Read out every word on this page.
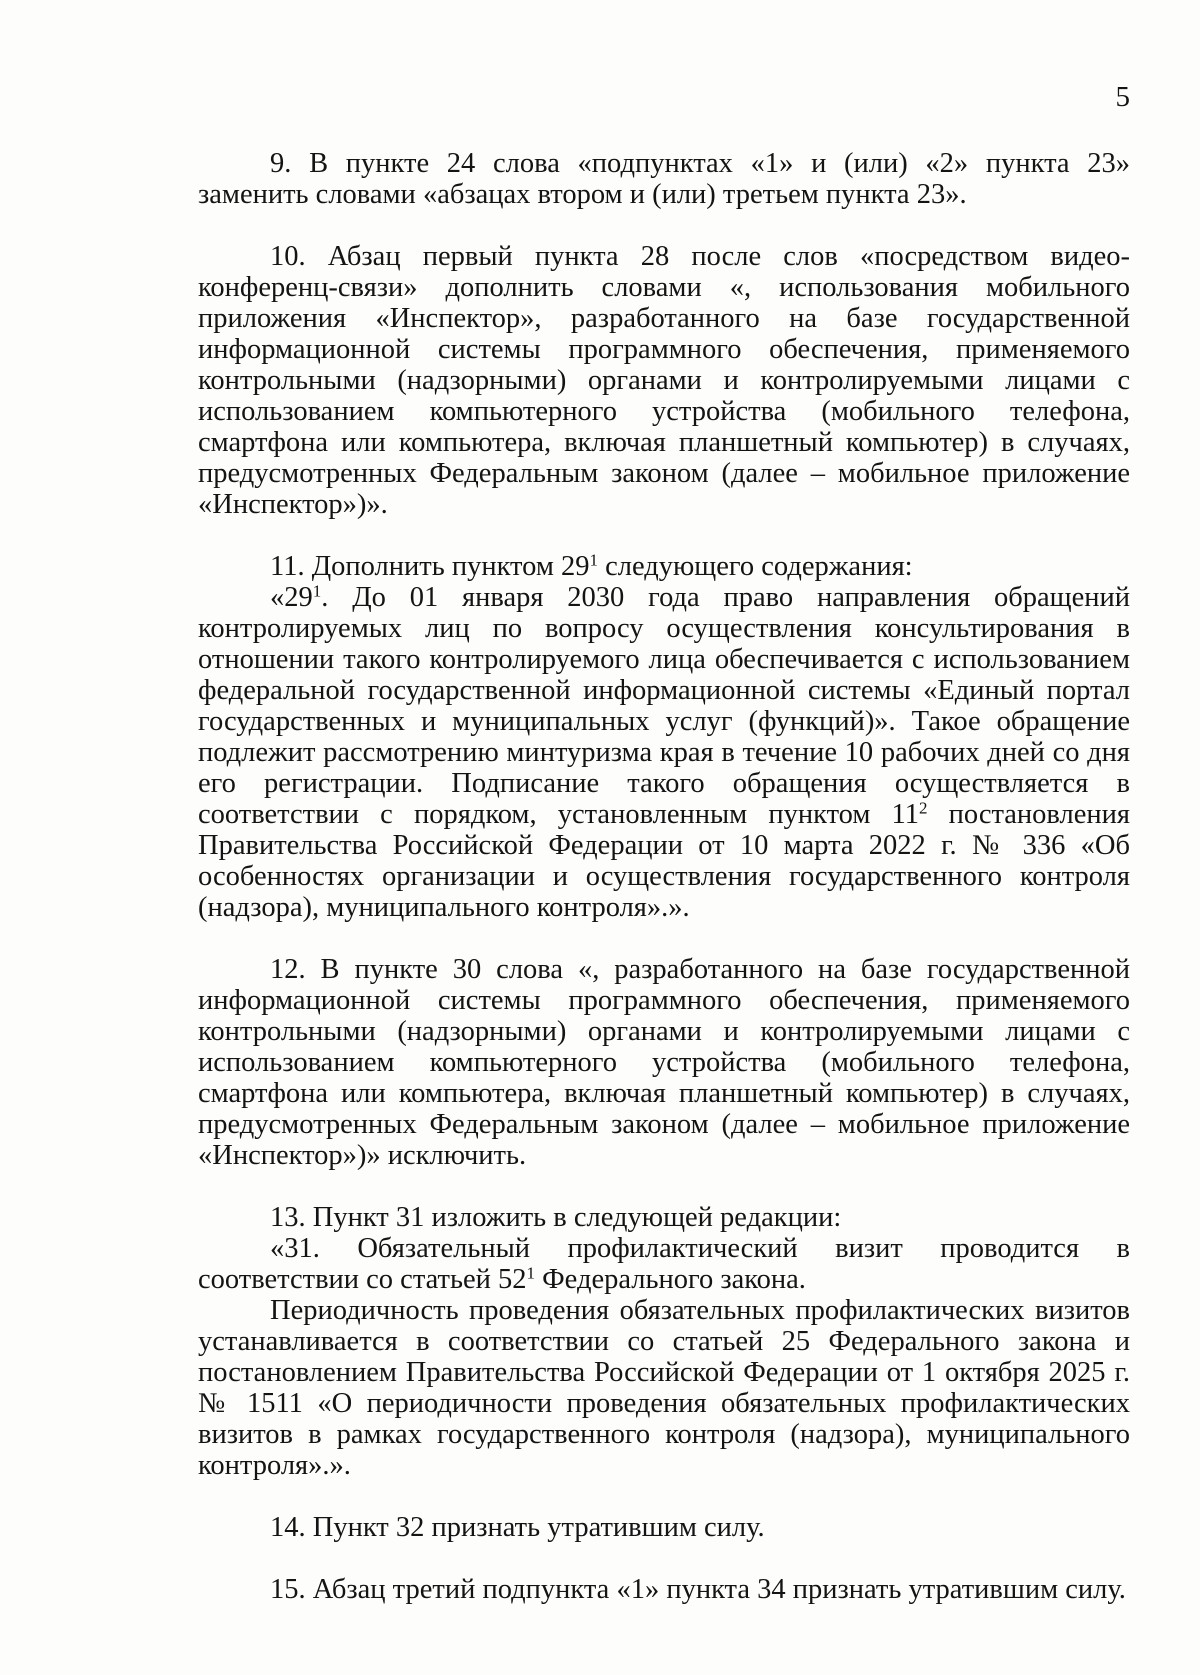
5

9. В пункте 24 слова «подпунктах «1» и (или) «2» пункта 23» заменить словами «абзацах втором и (или) третьем пункта 23».

10. Абзац первый пункта 28 после слов «посредством видео-конференц-связи» дополнить словами «, использования мобильного приложения «Инспектор», разработанного на базе государственной информационной системы программного обеспечения, применяемого контрольными (надзорными) органами и контролируемыми лицами с использованием компьютерного устройства (мобильного телефона, смартфона или компьютера, включая планшетный компьютер) в случаях, предусмотренных Федеральным законом (далее – мобильное приложение «Инспектор»)».

11. Дополнить пунктом $29^1$ следующего содержания:

«$29^1$. До 01 января 2030 года право направления обращений контролируемых лиц по вопросу осуществления консультирования в отношении такого контролируемого лица обеспечивается с использованием федеральной государственной информационной системы «Единый портал государственных и муниципальных услуг (функций)». Такое обращение подлежит рассмотрению минтуризма края в течение 10 рабочих дней со дня его регистрации. Подписание такого обращения осуществляется в соответствии с порядком, установленным пунктом $11^2$ постановления Правительства Российской Федерации от 10 марта 2022 г. № 336 «Об особенностях организации и осуществления государственного контроля (надзора), муниципального контроля».».

12. В пункте 30 слова «, разработанного на базе государственной информационной системы программного обеспечения, применяемого контрольными (надзорными) органами и контролируемыми лицами с использованием компьютерного устройства (мобильного телефона, смартфона или компьютера, включая планшетный компьютер) в случаях, предусмотренных Федеральным законом (далее – мобильное приложение «Инспектор»)» исключить.

13. Пункт 31 изложить в следующей редакции:

«31. Обязательный профилактический визит проводится в соответствии со статьей $52^1$ Федерального закона.

Периодичность проведения обязательных профилактических визитов устанавливается в соответствии со статьей 25 Федерального закона и постановлением Правительства Российской Федерации от 1 октября 2025 г. № 1511 «О периодичности проведения обязательных профилактических визитов в рамках государственного контроля (надзора), муниципального контроля».».

14. Пункт 32 признать утратившим силу.

15. Абзац третий подпункта «1» пункта 34 признать утратившим силу.
